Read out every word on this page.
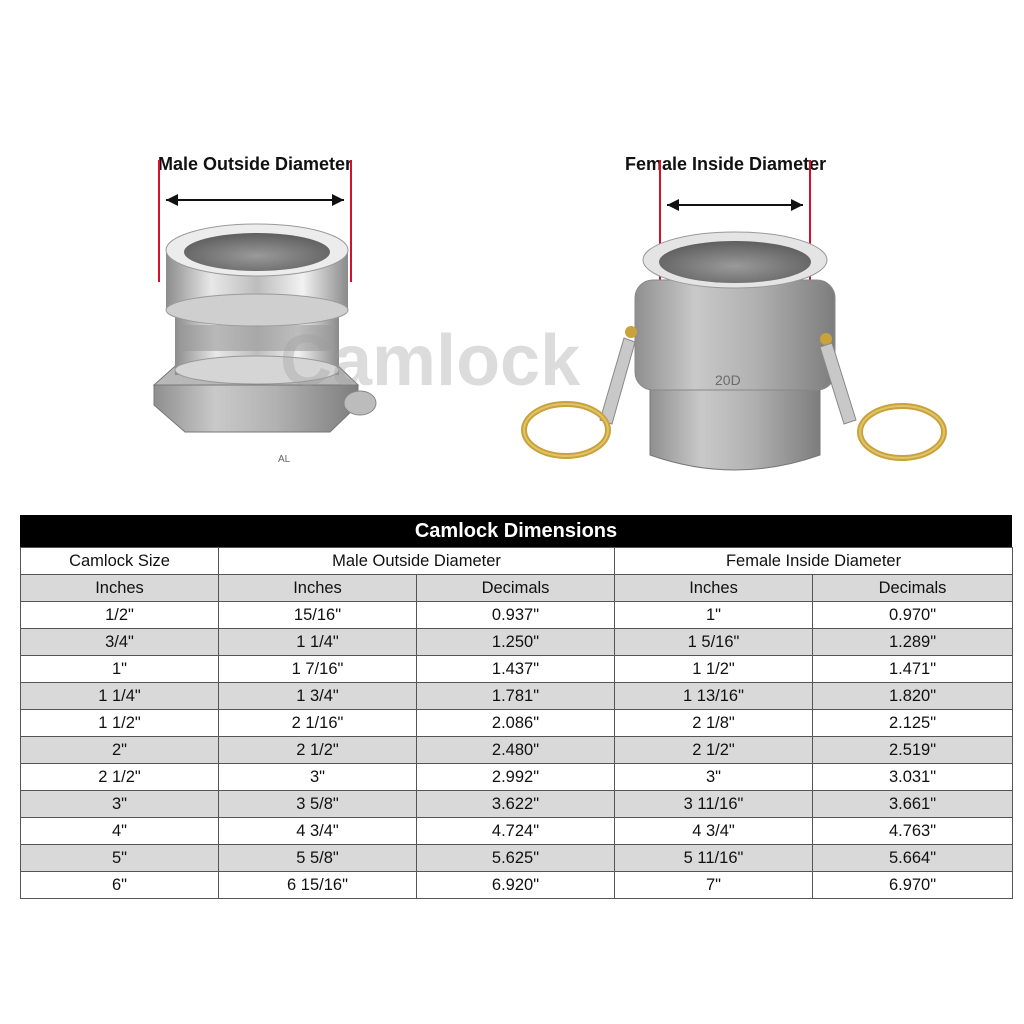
Male Outside Diameter	Female Inside Diameter
AL
20D
Camlock
Camlock Dimensions
Camlock Size	Male Outside Diameter		Female Inside Diameter	
Inches	Inches	Decimals	Inches	Decimals
1/2"	15/16"	0.937"	1"	0.970"
3/4"	1 1/4"	1.250"	1 5/16"	1.289"
1"	1 7/16"	1.437"	1 1/2"	1.471"
1 1/4"	1 3/4"	1.781"	1 13/16"	1.820"
1 1/2"	2 1/16"	2.086"	2 1/8"	2.125"
2"	2 1/2"	2.480"	2 1/2"	2.519"
2 1/2"	3"	2.992"	3"	3.031"
3"	3 5/8"	3.622"	3 11/16"	3.661"
4"	4 3/4"	4.724"	4 3/4"	4.763"
5"	5 5/8"	5.625"	5 11/16"	5.664"
6"	6 15/16"	6.920"	7"	6.970"
